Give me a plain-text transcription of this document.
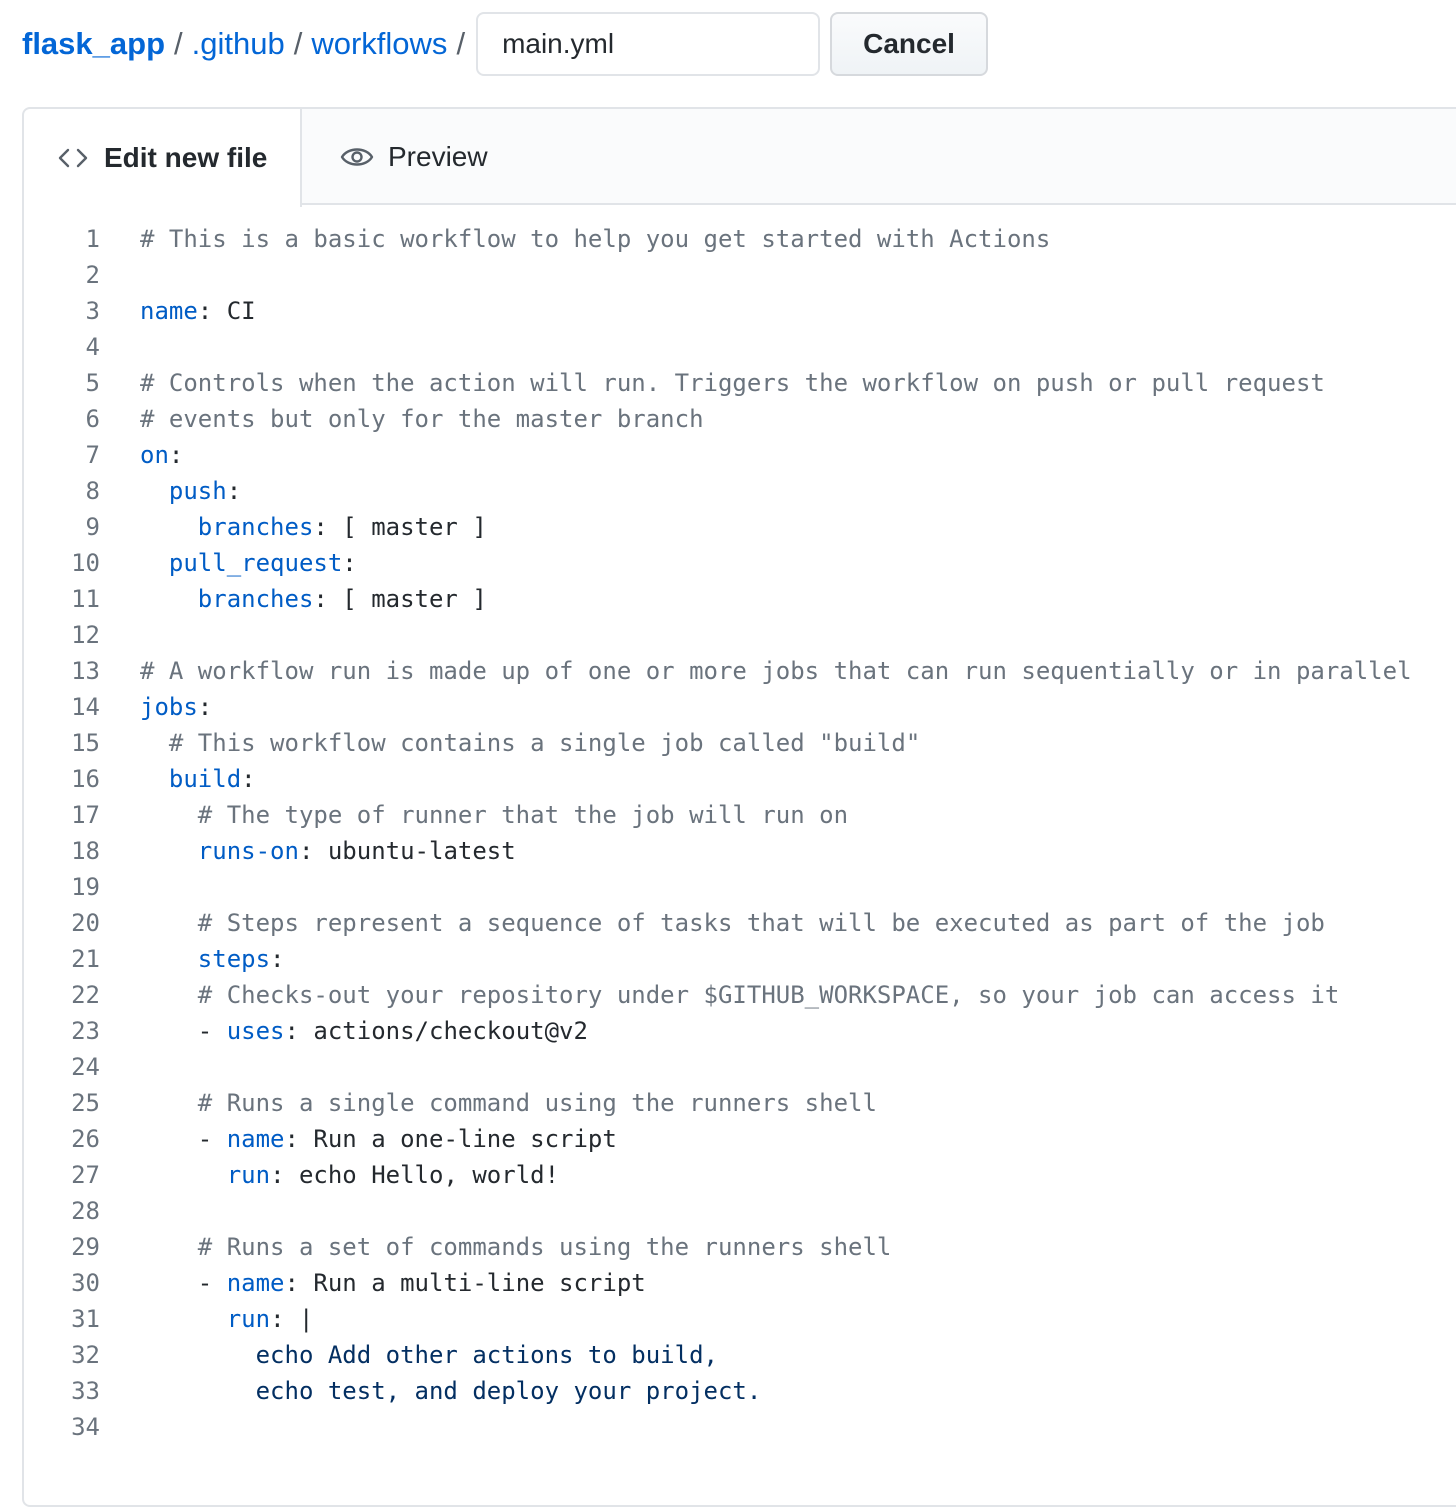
flask_app / .github / workflows /
main.yml	Cancel
Edit new file	Preview
1 # This is a basic workflow to help you get started with Actions
2
3 name: CI
4
5 # Controls when the action will run. Triggers the workflow on push or pull request
6 # events but only for the master branch
7 on:
8	push:
9	branches: [ master ]
10	pull_request:
11	branches: [ master ]
12
13 # A workflow run is made up of one or more jobs that can run sequentially or in parallel
14 jobs:
15	# This workflow contains a single job called "build"
16	build:
17	# The type of runner that the job will run on
18	runs-on: ubuntu-latest
19
20	# Steps represent a sequence of tasks that will be executed as part of the job
21	steps:
22	# Checks-out your repository under $GITHUB_WORKSPACE, so your job can access it
23 - uses: actions/checkout@v2
24
25	# Runs a single command using the runners shell
26 - name: Run a one-line script
27	run: echo Hello, world!
28
29	# Runs a set of commands using the runners shell
30 - name: Run a multi-line script
31	run: |
32	echo Add other actions to build,
33	echo test, and deploy your project.
34
